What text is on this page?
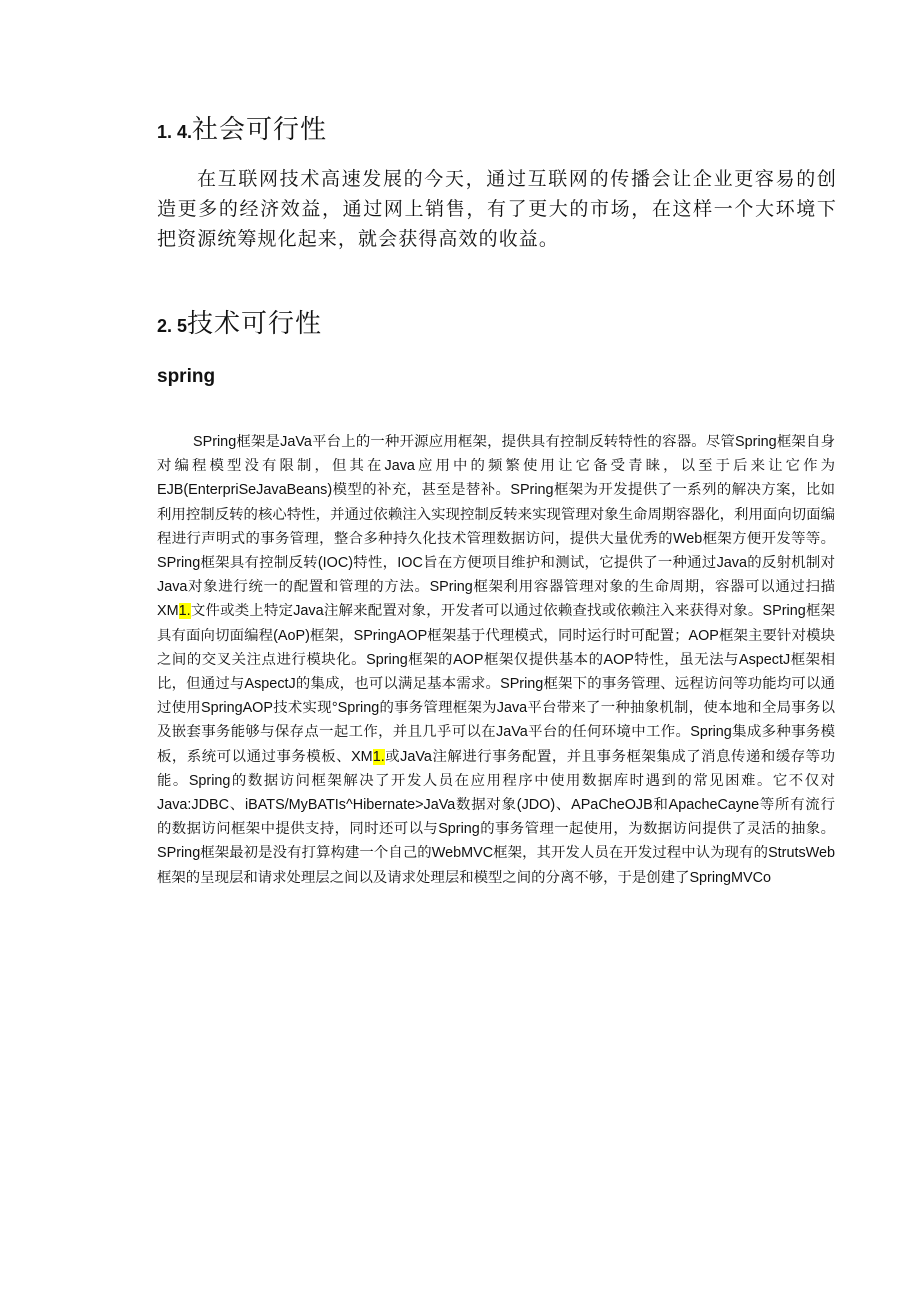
1. 4.社会可行性

在互联网技术高速发展的今天，通过互联网的传播会让企业更容易的创造更多的经济效益，通过网上销售，有了更大的市场，在这样一个大环境下把资源统筹规化起来，就会获得高效的收益。

2. 5技术可行性
spring

SPring框架是JaVa平台上的一种开源应用框架，提供具有控制反转特性的容器。尽管Spring框架自身对编程模型没有限制，但其在Java应用中的频繁使用让它备受青睐，以至于后来让它作为EJB(EnterpriSeJavaBeans)模型的补充，甚至是替补。SPring框架为开发提供了一系列的解决方案，比如利用控制反转的核心特性，并通过依赖注入实现控制反转来实现管理对象生命周期容器化，利用面向切面编程进行声明式的事务管理，整合多种持久化技术管理数据访问，提供大量优秀的Web框架方便开发等等。SPring框架具有控制反转(IOC)特性，IOC旨在方便项目维护和测试，它提供了一种通过Java的反射机制对Java对象进行统一的配置和管理的方法。SPring框架利用容器管理对象的生命周期，容器可以通过扫描XM1.文件或类上特定Java注解来配置对象，开发者可以通过依赖查找或依赖注入来获得对象。SPring框架具有面向切面编程(AoP)框架，SPringAOP框架基于代理模式，同时运行时可配置；AOP框架主要针对模块之间的交叉关注点进行模块化。Spring框架的AOP框架仅提供基本的AOP特性，虽无法与AspectJ框架相比，但通过与AspectJ的集成，也可以满足基本需求。SPring框架下的事务管理、远程访问等功能均可以通过使用SpringAOP技术实现°Spring的事务管理框架为Java平台带来了一种抽象机制，使本地和全局事务以及嵌套事务能够与保存点一起工作，并且几乎可以在JaVa平台的任何环境中工作。Spring集成多种事务模板，系统可以通过事务模板、XM1.或JaVa注解进行事务配置，并且事务框架集成了消息传递和缓存等功能。Spring的数据访问框架解决了开发人员在应用程序中使用数据库时遇到的常见困难。它不仅对Java:JDBC、iBATS/MyBATIs^Hibernate>JaVa数据对象(JDO)、APaCheOJB和ApacheCayne等所有流行的数据访问框架中提供支持，同时还可以与Spring的事务管理一起使用，为数据访问提供了灵活的抽象。SPring框架最初是没有打算构建一个自己的WebMVC框架，其开发人员在开发过程中认为现有的StrutsWeb框架的呈现层和请求处理层之间以及请求处理层和模型之间的分离不够，于是创建了SpringMVCo
